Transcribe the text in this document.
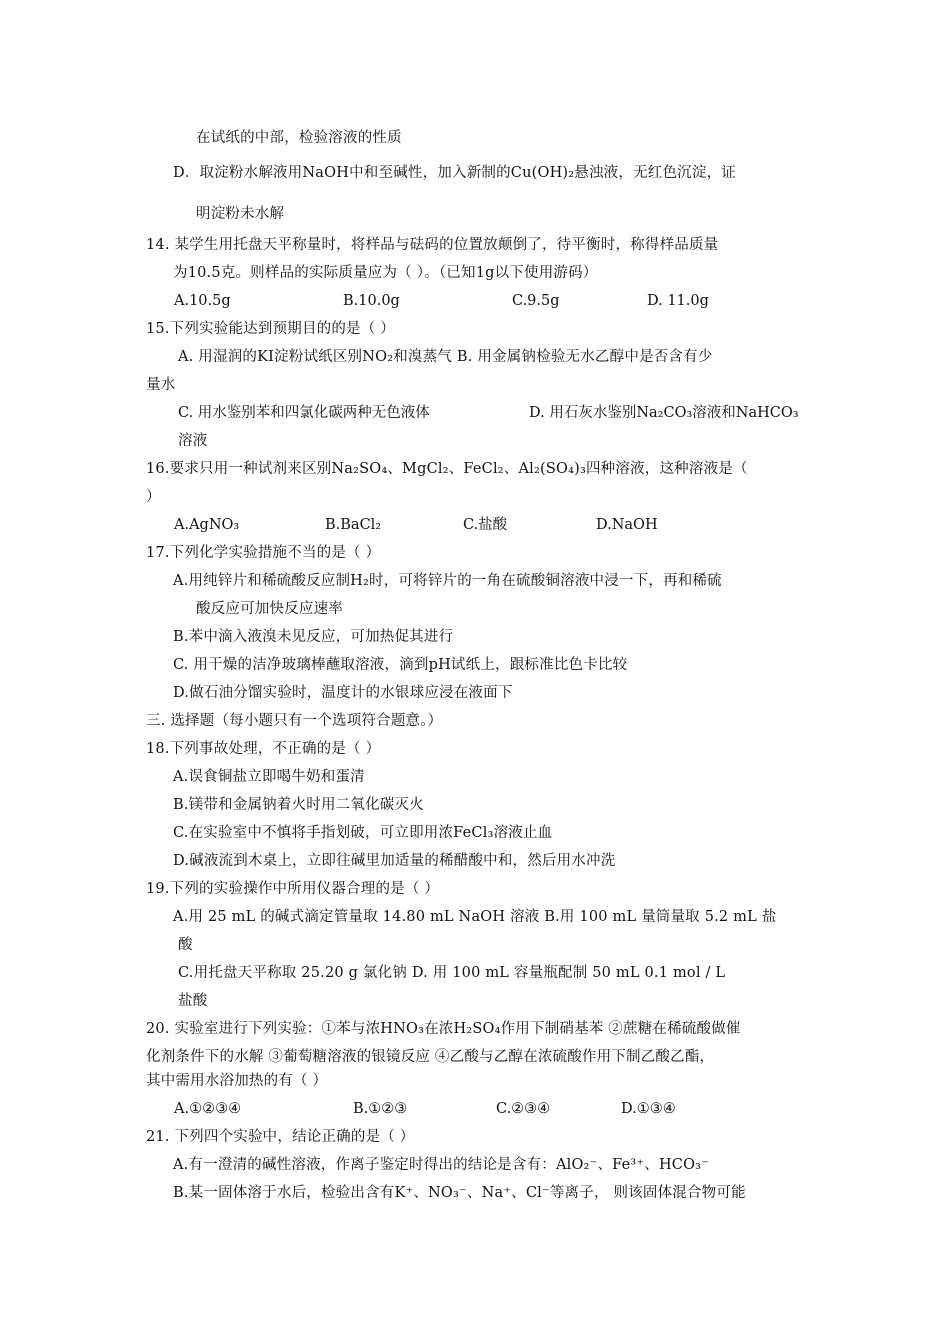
在试纸的中部，检验溶液的性质
D．取淀粉水解液用NaOH中和至碱性，加入新制的Cu(OH)₂悬浊液，无红色沉淀，证
明淀粉未水解
14. 某学生用托盘天平称量时，将样品与砝码的位置放颠倒了，待平衡时，称得样品质量
为10.5克。则样品的实际质量应为（ ）。（已知1g以下使用游码）
A.10.5g	B.10.0g	C.9.5g	D. 11.0g
15.下列实验能达到预期目的的是（ ）
A. 用湿润的KI淀粉试纸区别NO₂和溴蒸气 B. 用金属钠检验无水乙醇中是否含有少
量水
C. 用水鉴别苯和四氯化碳两种无色液体	D. 用石灰水鉴别Na₂CO₃溶液和NaHCO₃
溶液
16.要求只用一种试剂来区别Na₂SO₄、MgCl₂、FeCl₂、Al₂(SO₄)₃四种溶液，这种溶液是（
）
A.AgNO₃	B.BaCl₂	C.盐酸	D.NaOH
17.下列化学实验措施不当的是（ ）
A.用纯锌片和稀硫酸反应制H₂时，可将锌片的一角在硫酸铜溶液中浸一下，再和稀硫
酸反应可加快反应速率
B.苯中滴入液溴未见反应，可加热促其进行
C. 用干燥的洁净玻璃棒蘸取溶液，滴到pH试纸上，跟标准比色卡比较
D.做石油分馏实验时，温度计的水银球应浸在液面下
三. 选择题（每小题只有一个选项符合题意。）
18.下列事故处理，不正确的是（ ）
A.误食铜盐立即喝牛奶和蛋清
B.镁带和金属钠着火时用二氧化碳灭火
C.在实验室中不慎将手指划破，可立即用浓FeCl₃溶液止血
D.碱液流到木桌上，立即往碱里加适量的稀醋酸中和，然后用水冲洗
19.下列的实验操作中所用仪器合理的是（ ）
A.用 25 mL 的碱式滴定管量取 14.80 mL NaOH 溶液 B.用 100 mL 量筒量取 5.2 mL 盐
酸
C.用托盘天平称取 25.20 g 氯化钠 D. 用 100 mL 容量瓶配制 50 mL 0.1 mol / L
盐酸
20. 实验室进行下列实验：①苯与浓HNO₃在浓H₂SO₄作用下制硝基苯 ②蔗糖在稀硫酸做催
化剂条件下的水解 ③葡萄糖溶液的银镜反应 ④乙酸与乙醇在浓硫酸作用下制乙酸乙酯，
其中需用水浴加热的有（ ）
A.①②③④	B.①②③	C.②③④	D.①③④
21. 下列四个实验中，结论正确的是（ ）
A.有一澄清的碱性溶液，作离子鉴定时得出的结论是含有：AlO₂⁻、Fe³⁺、HCO₃⁻
B.某一固体溶于水后，检验出含有K⁺、NO₃⁻、Na⁺、Cl⁻等离子， 则该固体混合物可能
